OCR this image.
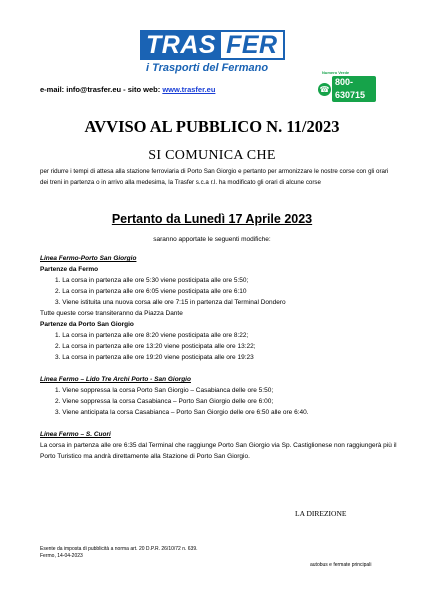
TRAS FER
i Trasporti del Fermano	Numero Verde
☎
800-630715
e-mail: info@trasfer.eu - sito web: www.trasfer.eu
AVVISO AL PUBBLICO N. 11/2023
SI COMUNICA CHE
per ridurre i tempi di attesa alla stazione ferroviaria di Porto San Giorgio e pertanto per armonizzare le nostre corse con gli orari dei treni in partenza o in arrivo alla medesima, la Trasfer s.c.a r.l. ha modificato gli orari di alcune corse
Pertanto da Lunedì 17 Aprile 2023
saranno apportate le seguenti modifiche:
Linea Fermo-Porto San Giorgio
Partenze da Fermo
1. La corsa in partenza alle ore 5:30 viene posticipata alle ore 5:50;
2. La corsa in partenza alle ore 6:05 viene posticipata alle ore 6:10
3. Viene istituita una nuova corsa alle ore 7:15 in partenza dal Terminal Dondero
Tutte queste corse transiteranno da Piazza Dante
Partenze da Porto San Giorgio
1. La corsa in partenza alle ore 8:20 viene posticipata alle ore 8:22;
2. La corsa in partenza alle ore 13:20 viene posticipata alle ore 13:22;
3. La corsa in partenza alle ore 19:20 viene posticipata alle ore 19:23
Linea Fermo – Lido Tre Archi Porto - San Giorgio
1. Viene soppressa la corsa Porto San Giorgio – Casabianca delle ore 5:50;
2. Viene soppressa la corsa Casabianca – Porto San Giorgio delle ore 6:00;
3. Viene anticipata la corsa Casabianca – Porto San Giorgio delle ore 6:50 alle ore 6:40.
Linea Fermo – S. Cuori
La corsa in partenza alle ore 6:35 dal Terminal che raggiunge Porto San Giorgio via Sp. Castiglionese non raggiungerà più il Porto Turistico ma andrà direttamente alla Stazione di Porto San Giorgio.
LA DIREZIONE
Esente da imposta di pubblicità a norma art. 20 D.P.R. 26/10/72 n. 639.
Fermo, 14-04-2023
autobus e fermate principali
